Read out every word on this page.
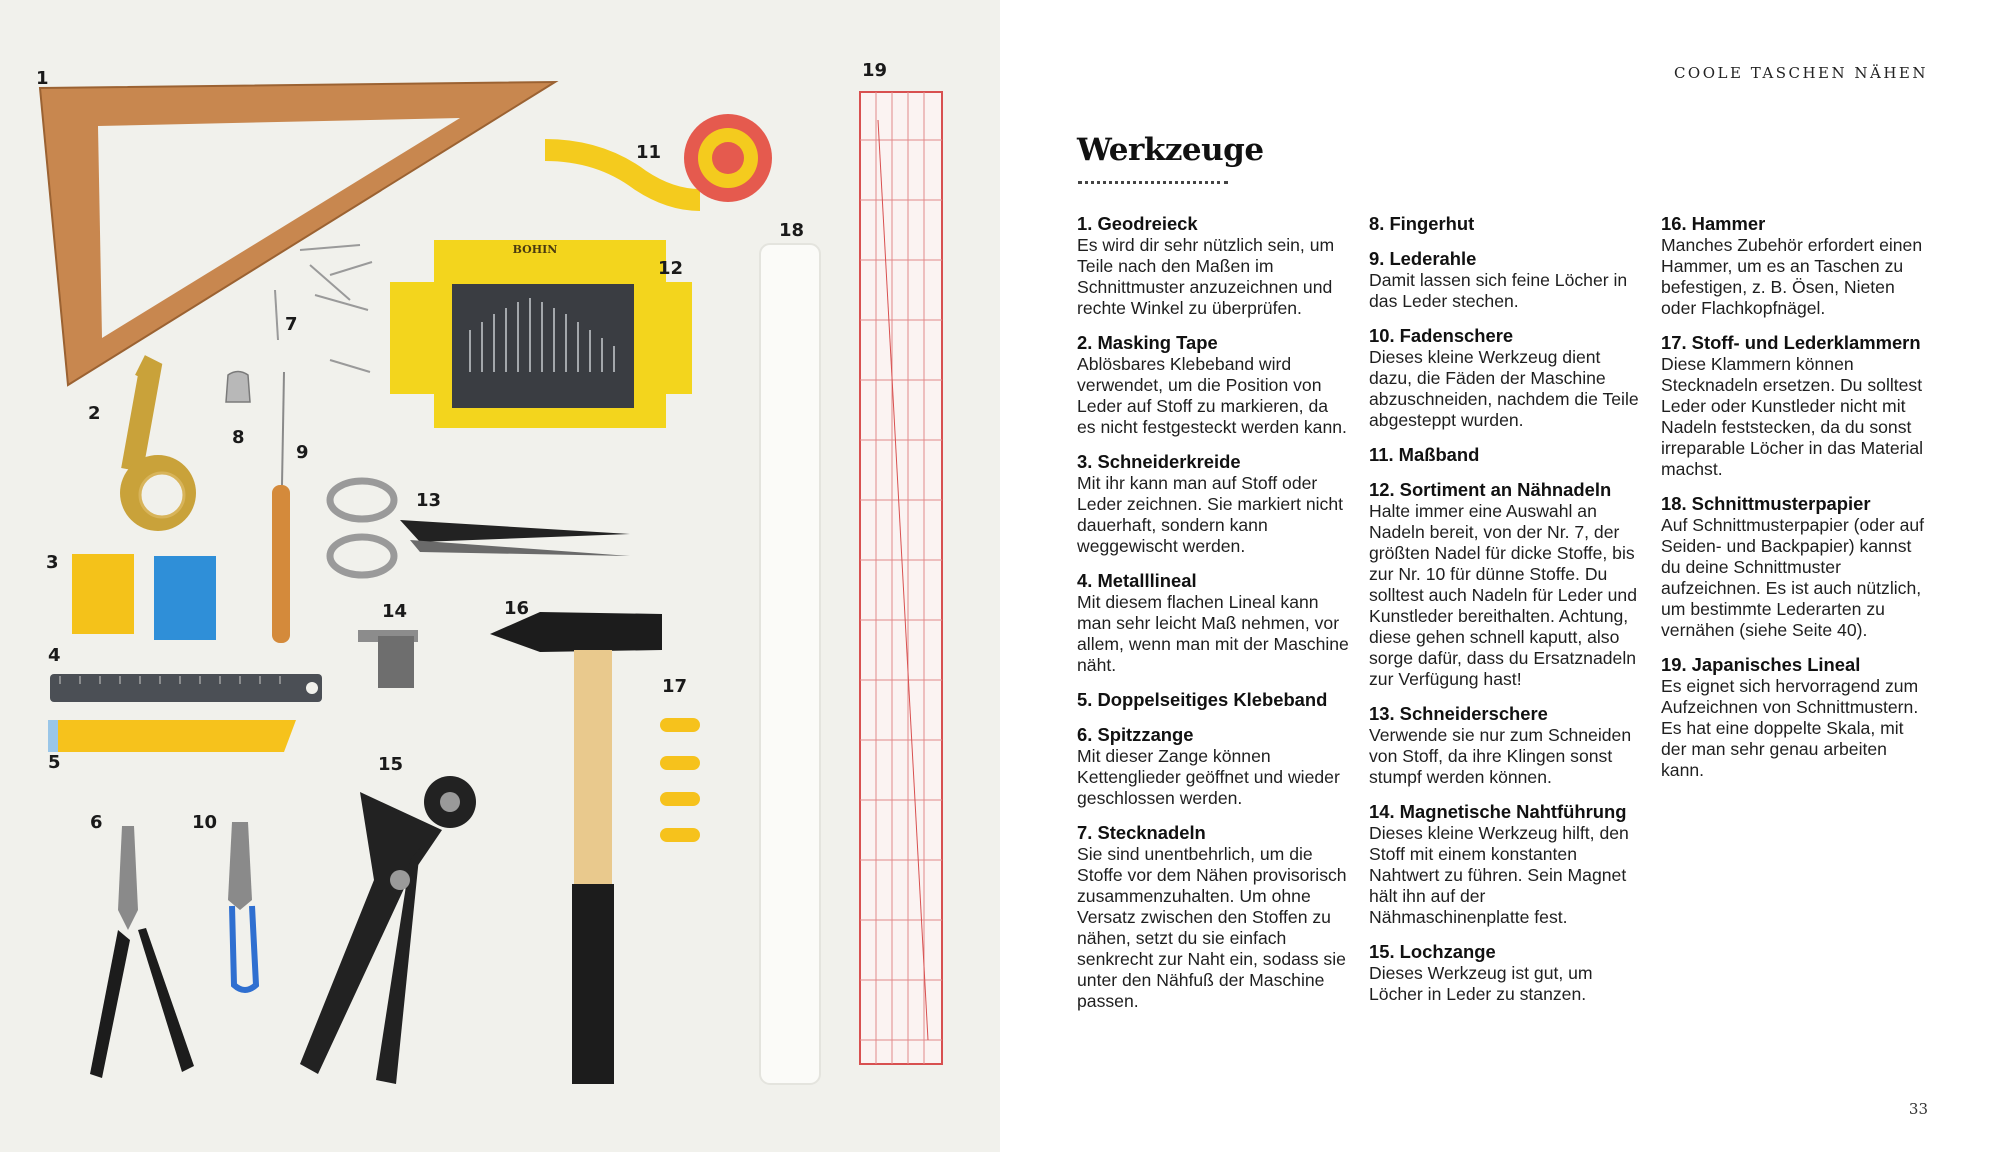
BOHIN
1
2
3
4
5
6
7
8
9
10
11
12
13
14
15
16
17
18
19	COOLE TASCHEN NÄHEN
Werkzeuge
1. Geodreieck
Es wird dir sehr nützlich sein, um Teile nach den Maßen im Schnittmuster anzuzeichnen und rechte Winkel zu überprüfen.
2. Masking Tape
Ablösbares Klebeband wird verwendet, um die Position von Leder auf Stoff zu markieren, da es nicht festgesteckt werden kann.
3. Schneiderkreide
Mit ihr kann man auf Stoff oder Leder zeichnen. Sie markiert nicht dauerhaft, sondern kann weggewischt werden.
4. Metalllineal
Mit diesem flachen Lineal kann man sehr leicht Maß nehmen, vor allem, wenn man mit der Maschine näht.
5. Doppelseitiges Klebeband
6. Spitzzange
Mit dieser Zange können Kettenglieder geöffnet und wieder geschlossen werden.
7. Stecknadeln
Sie sind unentbehrlich, um die Stoffe vor dem Nähen provisorisch zusammenzuhalten. Um ohne Versatz zwischen den Stoffen zu nähen, setzt du sie einfach senkrecht zur Naht ein, sodass sie unter den Nähfuß der Maschine passen.
8. Fingerhut
9. Lederahle
Damit lassen sich feine Löcher in das Leder stechen.
10. Fadenschere
Dieses kleine Werkzeug dient dazu, die Fäden der Maschine abzuschneiden, nachdem die Teile abgesteppt wurden.
11. Maßband
12. Sortiment an Nähnadeln
Halte immer eine Auswahl an Nadeln bereit, von der Nr. 7, der größten Nadel für dicke Stoffe, bis zur Nr. 10 für dünne Stoffe. Du solltest auch Nadeln für Leder und Kunstleder bereithalten. Achtung, diese gehen schnell kaputt, also sorge dafür, dass du Ersatznadeln zur Verfügung hast!
13. Schneiderschere
Verwende sie nur zum Schneiden von Stoff, da ihre Klingen sonst stumpf werden können.
14. Magnetische Nahtführung
Dieses kleine Werkzeug hilft, den Stoff mit einem konstanten Nahtwert zu führen. Sein Magnet hält ihn auf der Nähmaschinenplatte fest.
15. Lochzange
Dieses Werkzeug ist gut, um Löcher in Leder zu stanzen.
16. Hammer
Manches Zubehör erfordert einen Hammer, um es an Taschen zu befestigen, z. B. Ösen, Nieten oder Flachkopfnägel.
17. Stoff- und Lederklammern
Diese Klammern können Stecknadeln ersetzen. Du solltest Leder oder Kunstleder nicht mit Nadeln feststecken, da du sonst irreparable Löcher in das Material machst.
18. Schnittmusterpapier
Auf Schnittmusterpapier (oder auf Seiden- und Backpapier) kannst du deine Schnittmuster aufzeichnen. Es ist auch nützlich, um bestimmte Lederarten zu vernähen (siehe Seite 40).
19. Japanisches Lineal
Es eignet sich hervorragend zum Aufzeichnen von Schnittmustern. Es hat eine doppelte Skala, mit der man sehr genau arbeiten kann.
33
